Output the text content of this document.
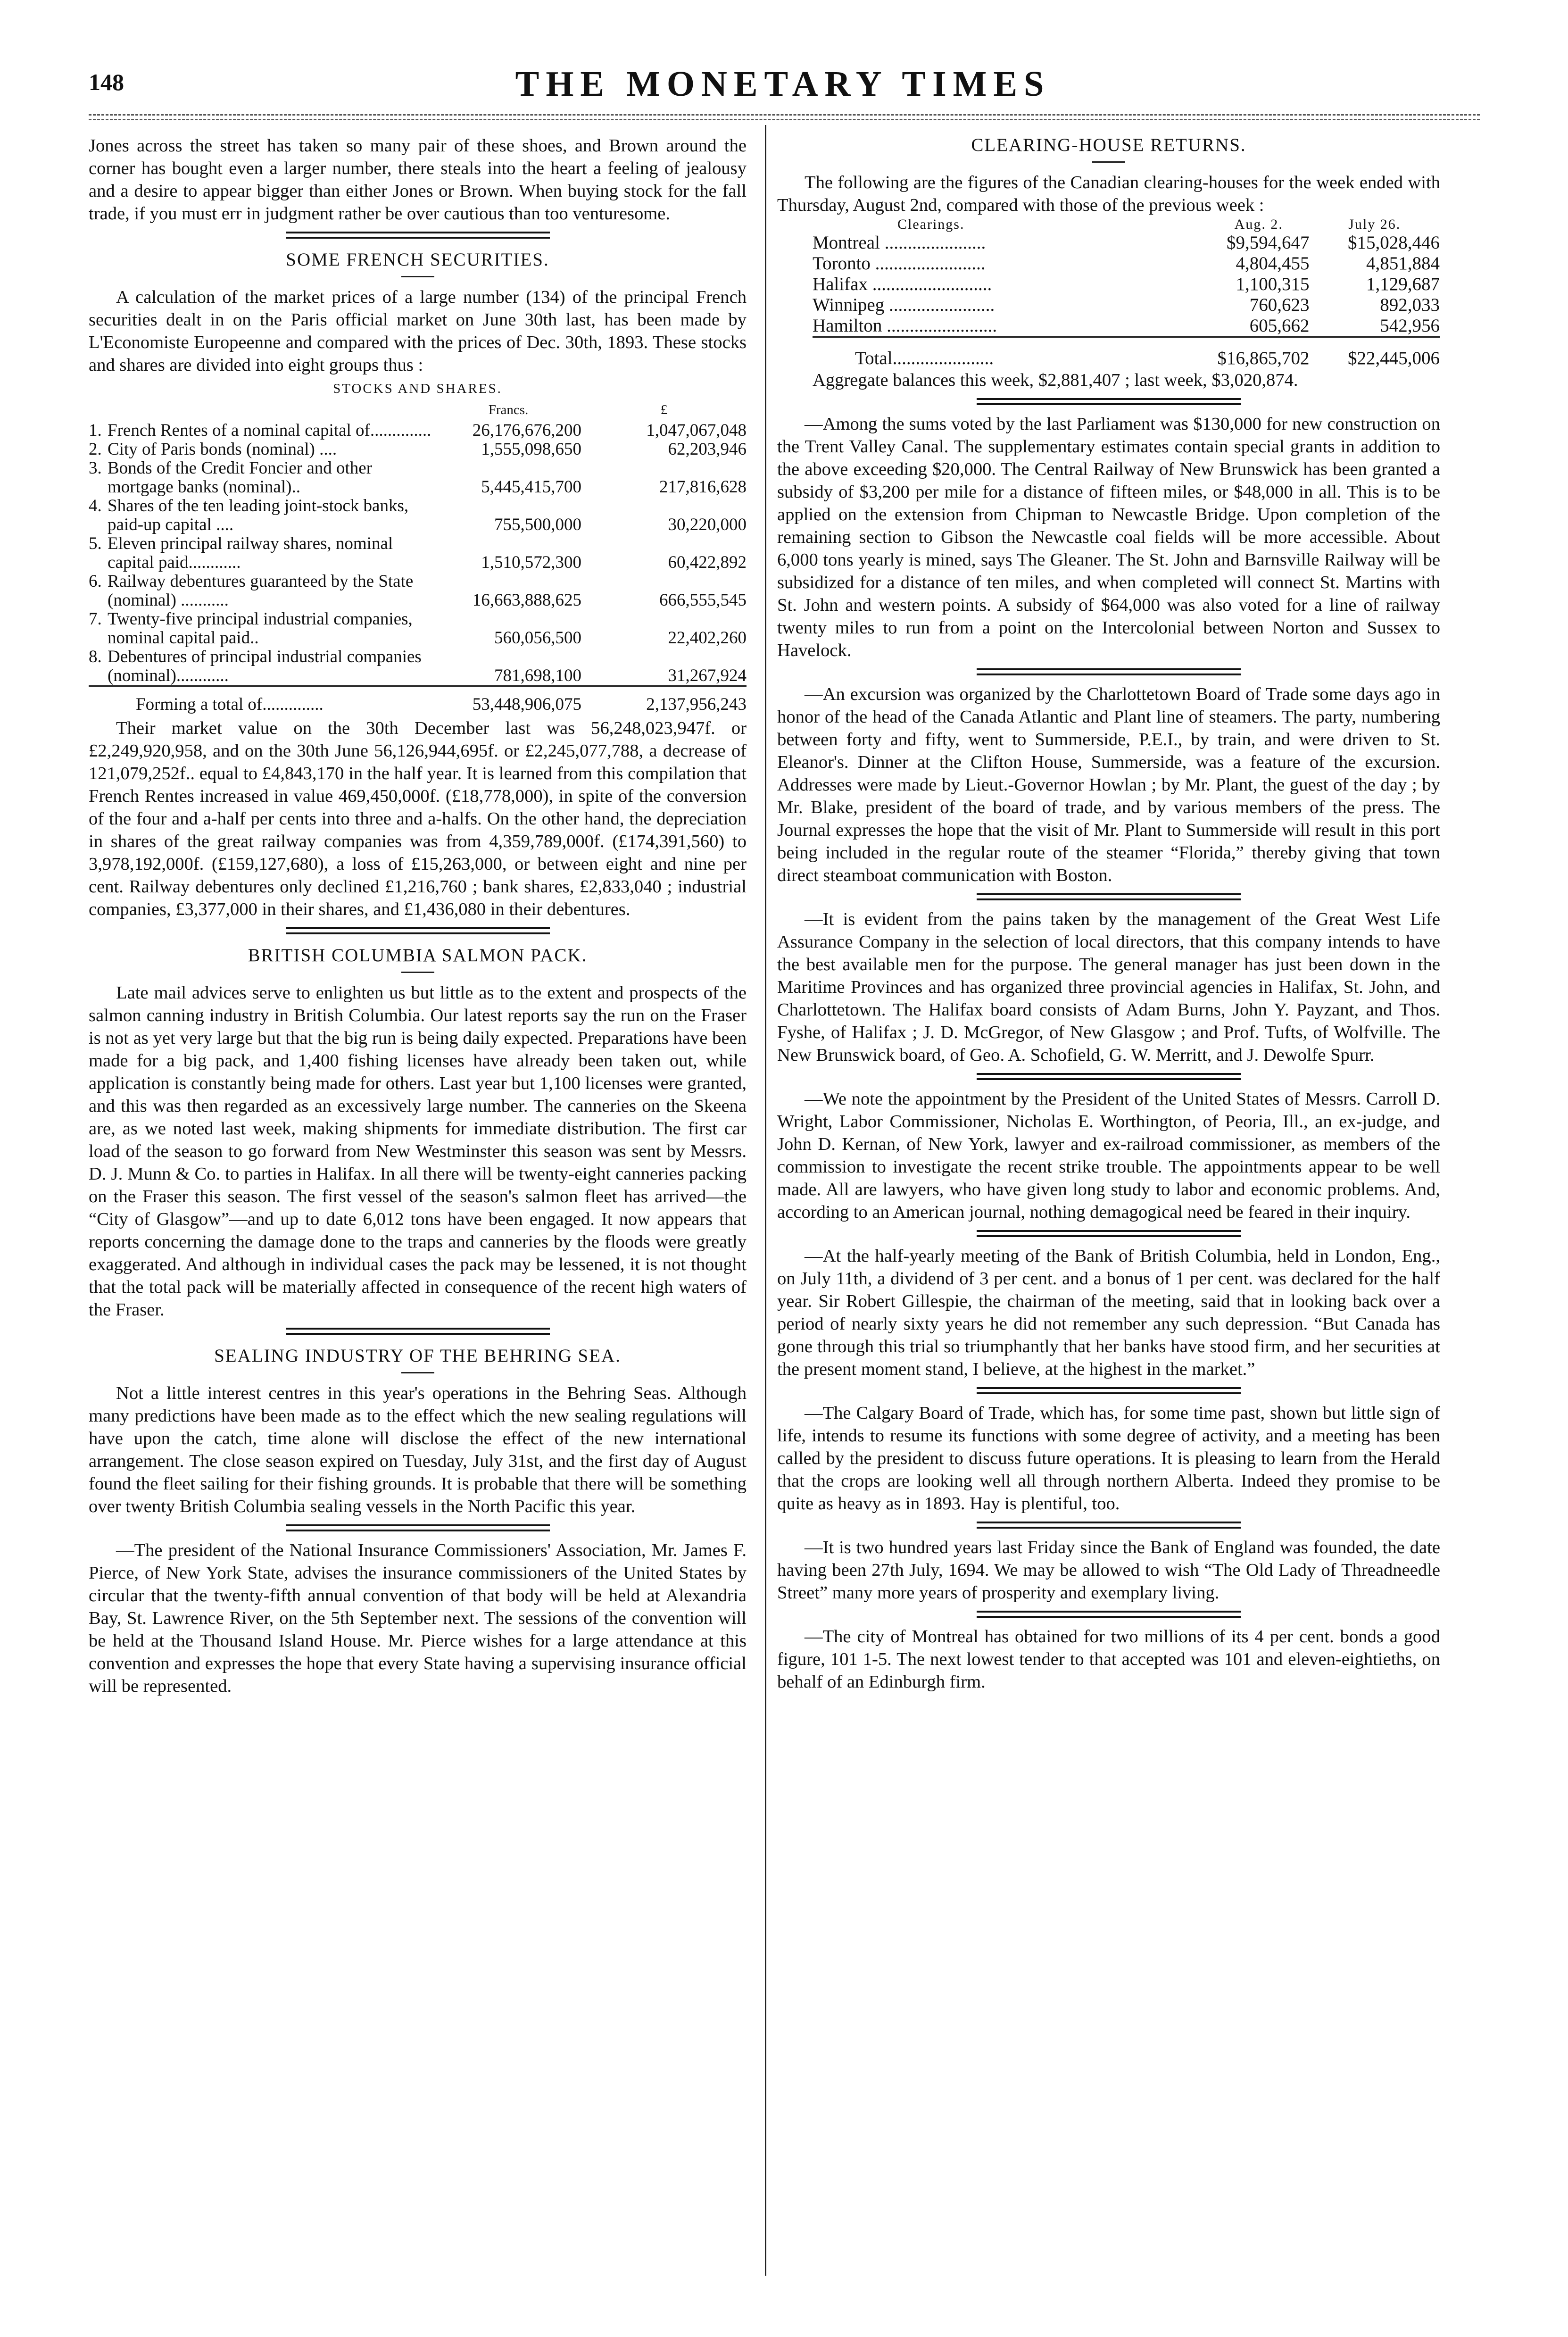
148	THE MONETARY TIMES

Jones across the street has taken so many pair of these shoes, and Brown around the corner has bought even a larger number, there steals into the heart a feeling of jealousy and a desire to appear bigger than either Jones or Brown. When buying stock for the fall trade, if you must err in judgment rather be over cautious than too venturesome.

SOME FRENCH SECURITIES.

A calculation of the market prices of a large number (134) of the principal French securities dealt in on the Paris official market on June 30th last, has been made by L'Economiste Europeenne and compared with the prices of Dec. 30th, 1893. These stocks and shares are divided into eight groups thus :

STOCKS AND SHARES.
		Francs.	£
1.	French Rentes of a nominal capital of..............	26,176,676,200	1,047,067,048
2.	City of Paris bonds (nominal) ....	1,555,098,650	62,203,946
3.	Bonds of the Credit Foncier and other mortgage banks (nominal)..	5,445,415,700	217,816,628
4.	Shares of the ten leading joint-stock banks, paid-up capital ....	755,500,000	30,220,000
5.	Eleven principal railway shares, nominal capital paid............	1,510,572,300	60,422,892
6.	Railway debentures guaranteed by the State (nominal) ...........	16,663,888,625	666,555,545
7.	Twenty-five principal industrial companies, nominal capital paid..	560,056,500	22,402,260
8.	Debentures of principal industrial companies (nominal)............	781,698,100	31,267,924

Forming a total of..............		53,448,906,075	2,137,956,243

Their market value on the 30th December last was 56,248,023,947f. or £2,249,920,958, and on the 30th June 56,126,944,695f. or £2,245,077,788, a decrease of 121,079,252f.. equal to £4,843,170 in the half year. It is learned from this compilation that French Rentes increased in value 469,450,000f. (£18,778,000), in spite of the conversion of the four and a-half per cents into three and a-halfs. On the other hand, the depreciation in shares of the great railway companies was from 4,359,789,000f. (£174,391,560) to 3,978,192,000f. (£159,127,680), a loss of £15,263,000, or between eight and nine per cent. Railway debentures only declined £1,216,760 ; bank shares, £2,833,040 ; industrial companies, £3,377,000 in their shares, and £1,436,080 in their debentures.

BRITISH COLUMBIA SALMON PACK.

Late mail advices serve to enlighten us but little as to the extent and prospects of the salmon canning industry in British Columbia. Our latest reports say the run on the Fraser is not as yet very large but that the big run is being daily expected. Preparations have been made for a big pack, and 1,400 fishing licenses have already been taken out, while application is constantly being made for others. Last year but 1,100 licenses were granted, and this was then regarded as an excessively large number. The canneries on the Skeena are, as we noted last week, making shipments for immediate distribution. The first car load of the season to go forward from New Westminster this season was sent by Messrs. D. J. Munn & Co. to parties in Halifax. In all there will be twenty-eight canneries packing on the Fraser this season. The first vessel of the season's salmon fleet has arrived—the “City of Glasgow”—and up to date 6,012 tons have been engaged. It now appears that reports concerning the damage done to the traps and canneries by the floods were greatly exaggerated. And although in individual cases the pack may be lessened, it is not thought that the total pack will be materially affected in consequence of the recent high waters of the Fraser.

SEALING INDUSTRY OF THE BEHRING SEA.

Not a little interest centres in this year's operations in the Behring Seas. Although many predictions have been made as to the effect which the new sealing regulations will have upon the catch, time alone will disclose the effect of the new international arrangement. The close season expired on Tuesday, July 31st, and the first day of August found the fleet sailing for their fishing grounds. It is probable that there will be something over twenty British Columbia sealing vessels in the North Pacific this year.

—The president of the National Insurance Commissioners' Association, Mr. James F. Pierce, of New York State, advises the insurance commissioners of the United States by circular that the twenty-fifth annual convention of that body will be held at Alexandria Bay, St. Lawrence River, on the 5th September next. The sessions of the convention will be held at the Thousand Island House. Mr. Pierce wishes for a large attendance at this convention and expresses the hope that every State having a supervising insurance official will be represented.

CLEARING-HOUSE RETURNS.

The following are the figures of the Canadian clearing-houses for the week ended with Thursday, August 2nd, compared with those of the previous week :

Clearings.	Aug. 2.	July 26.
Montreal ......................	$9,594,647	$15,028,446
Toronto ........................	4,804,455	4,851,884
Halifax ..........................	1,100,315	1,129,687
Winnipeg .......................	760,623	892,033
Hamilton ........................	605,662	542,956

Total......................	$16,865,702	$22,445,006

Aggregate balances this week, $2,881,407 ; last week, $3,020,874.

—Among the sums voted by the last Parliament was $130,000 for new construction on the Trent Valley Canal. The supplementary estimates contain special grants in addition to the above exceeding $20,000. The Central Railway of New Brunswick has been granted a subsidy of $3,200 per mile for a distance of fifteen miles, or $48,000 in all. This is to be applied on the extension from Chipman to Newcastle Bridge. Upon completion of the remaining section to Gibson the Newcastle coal fields will be more accessible. About 6,000 tons yearly is mined, says The Gleaner. The St. John and Barnsville Railway will be subsidized for a distance of ten miles, and when completed will connect St. Martins with St. John and western points. A subsidy of $64,000 was also voted for a line of railway twenty miles to run from a point on the Intercolonial between Norton and Sussex to Havelock.

—An excursion was organized by the Charlottetown Board of Trade some days ago in honor of the head of the Canada Atlantic and Plant line of steamers. The party, numbering between forty and fifty, went to Summerside, P.E.I., by train, and were driven to St. Eleanor's. Dinner at the Clifton House, Summerside, was a feature of the excursion. Addresses were made by Lieut.-Governor Howlan ; by Mr. Plant, the guest of the day ; by Mr. Blake, president of the board of trade, and by various members of the press. The Journal expresses the hope that the visit of Mr. Plant to Summerside will result in this port being included in the regular route of the steamer “Florida,” thereby giving that town direct steamboat communication with Boston.

—It is evident from the pains taken by the management of the Great West Life Assurance Company in the selection of local directors, that this company intends to have the best available men for the purpose. The general manager has just been down in the Maritime Provinces and has organized three provincial agencies in Halifax, St. John, and Charlottetown. The Halifax board consists of Adam Burns, John Y. Payzant, and Thos. Fyshe, of Halifax ; J. D. McGregor, of New Glasgow ; and Prof. Tufts, of Wolfville. The New Brunswick board, of Geo. A. Schofield, G. W. Merritt, and J. Dewolfe Spurr.

—We note the appointment by the President of the United States of Messrs. Carroll D. Wright, Labor Commissioner, Nicholas E. Worthington, of Peoria, Ill., an ex-judge, and John D. Kernan, of New York, lawyer and ex-railroad commissioner, as members of the commission to investigate the recent strike trouble. The appointments appear to be well made. All are lawyers, who have given long study to labor and economic problems. And, according to an American journal, nothing demagogical need be feared in their inquiry.

—At the half-yearly meeting of the Bank of British Columbia, held in London, Eng., on July 11th, a dividend of 3 per cent. and a bonus of 1 per cent. was declared for the half year. Sir Robert Gillespie, the chairman of the meeting, said that in looking back over a period of nearly sixty years he did not remember any such depression. “But Canada has gone through this trial so triumphantly that her banks have stood firm, and her securities at the present moment stand, I believe, at the highest in the market.”

—The Calgary Board of Trade, which has, for some time past, shown but little sign of life, intends to resume its functions with some degree of activity, and a meeting has been called by the president to discuss future operations. It is pleasing to learn from the Herald that the crops are looking well all through northern Alberta. Indeed they promise to be quite as heavy as in 1893. Hay is plentiful, too.

—It is two hundred years last Friday since the Bank of England was founded, the date having been 27th July, 1694. We may be allowed to wish “The Old Lady of Threadneedle Street” many more years of prosperity and exemplary living.

—The city of Montreal has obtained for two millions of its 4 per cent. bonds a good figure, 101 1-5. The next lowest tender to that accepted was 101 and eleven-eightieths, on behalf of an Edinburgh firm.
